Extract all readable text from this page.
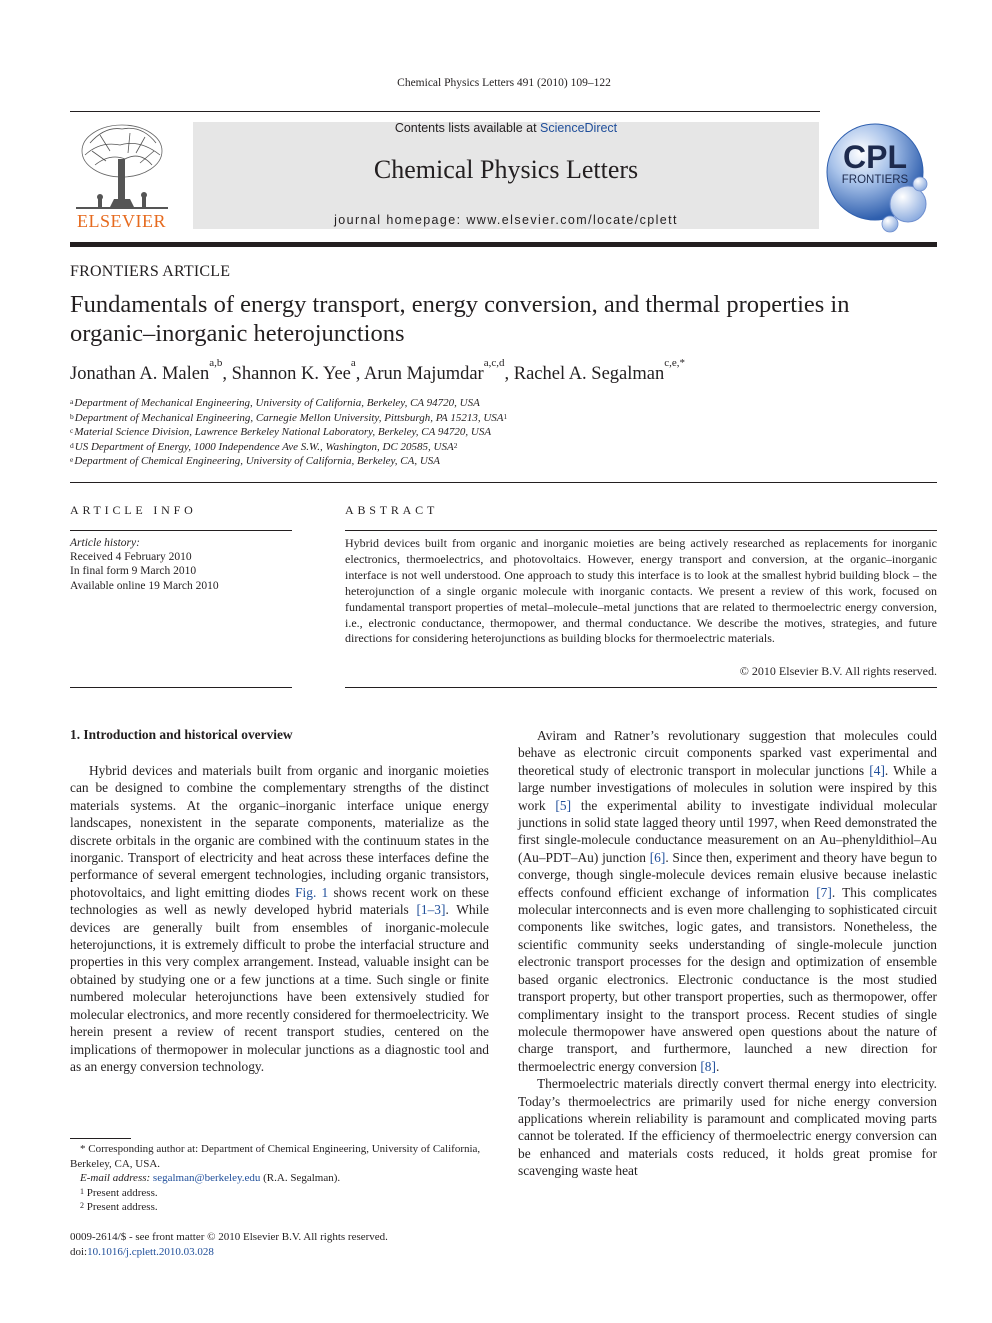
Chemical Physics Letters 491 (2010) 109–122
ELSEVIER
Contents lists available at ScienceDirect
Chemical Physics Letters
journal homepage: www.elsevier.com/locate/cplett
CPL
FRONTIERS
FRONTIERS ARTICLE
Fundamentals of energy transport, energy conversion, and thermal properties in organic–inorganic heterojunctions
Jonathan A. Malen$^{a,b}$, Shannon K. Yee$^a$, Arun Majumdar$^{a,c,d}$, Rachel A. Segalman$^{c,e,*}$
$^a$Department of Mechanical Engineering, University of California, Berkeley, CA 94720, USA
$^b$Department of Mechanical Engineering, Carnegie Mellon University, Pittsburgh, PA 15213, USA$^1$
$^c$Material Science Division, Lawrence Berkeley National Laboratory, Berkeley, CA 94720, USA
$^d$US Department of Energy, 1000 Independence Ave S.W., Washington, DC 20585, USA$^2$
$^e$Department of Chemical Engineering, University of California, Berkeley, CA, USA
ARTICLE INFO	ABSTRACT
Article history:
Received 4 February 2010
In final form 9 March 2010
Available online 19 March 2010
Hybrid devices built from organic and inorganic moieties are being actively researched as replacements for inorganic electronics, thermoelectrics, and photovoltaics. However, energy transport and conversion, at the organic–inorganic interface is not well understood. One approach to study this interface is to look at the smallest hybrid building block – the heterojunction of a single organic molecule with inorganic contacts. We present a review of this work, focused on fundamental transport properties of metal–molecule–metal junctions that are related to thermoelectric energy conversion, i.e., electronic conductance, thermopower, and thermal conductance. We describe the motives, strategies, and future directions for considering heterojunctions as building blocks for thermoelectric materials.
© 2010 Elsevier B.V. All rights reserved.
1. Introduction and historical overview

Hybrid devices and materials built from organic and inorganic moieties can be designed to combine the complementary strengths of the distinct materials systems. At the organic–inorganic interface unique energy landscapes, nonexistent in the separate components, materialize as the discrete orbitals in the organic are combined with the continuum states in the inorganic. Transport of electricity and heat across these interfaces define the performance of several emergent technologies, including organic transistors, photovoltaics, and light emitting diodes Fig. 1 shows recent work on these technologies as well as newly developed hybrid materials [1–3]. While devices are generally built from ensembles of inorganic-molecule heterojunctions, it is extremely difficult to probe the interfacial structure and properties in this very complex arrangement. Instead, valuable insight can be obtained by studying one or a few junctions at a time. Such single or finite numbered molecular heterojunctions have been extensively studied for molecular electronics, and more recently considered for thermoelectricity. We herein present a review of recent transport studies, centered on the implications of thermopower in molecular junctions as a diagnostic tool and as an energy conversion technology.

Aviram and Ratner’s revolutionary suggestion that molecules could behave as electronic circuit components sparked vast experimental and theoretical study of electronic transport in molecular junctions [4]. While a large number investigations of molecules in solution were inspired by this work [5] the experimental ability to investigate individual molecular junctions in solid state lagged theory until 1997, when Reed demonstrated the first single-molecule conductance measurement on an Au–phenyldithiol–Au (Au–PDT–Au) junction [6]. Since then, experiment and theory have begun to converge, though single-molecule devices remain elusive because inelastic effects confound efficient exchange of information [7]. This complicates molecular interconnects and is even more challenging to sophisticated circuit components like switches, logic gates, and transistors. Nonetheless, the scientific community seeks understanding of single-molecule junction electronic transport processes for the design and optimization of ensemble based organic electronics. Electronic conductance is the most studied transport property, but other transport properties, such as thermopower, offer complimentary insight to the transport process. Recent studies of single molecule thermopower have answered open questions about the nature of charge transport, and furthermore, launched a new direction for thermoelectric energy conversion [8].

Thermoelectric materials directly convert thermal energy into electricity. Today’s thermoelectrics are primarily used for niche energy conversion applications wherein reliability is paramount and complicated moving parts cannot be tolerated. If the efficiency of thermoelectric energy conversion can be enhanced and materials costs reduced, it holds great promise for scavenging waste heat

* Corresponding author at: Department of Chemical Engineering, University of California, Berkeley, CA, USA.
E-mail address: segalman@berkeley.edu (R.A. Segalman).
$^1$ Present address.
$^2$ Present address.
0009-2614/$ - see front matter © 2010 Elsevier B.V. All rights reserved.
doi:10.1016/j.cplett.2010.03.028
